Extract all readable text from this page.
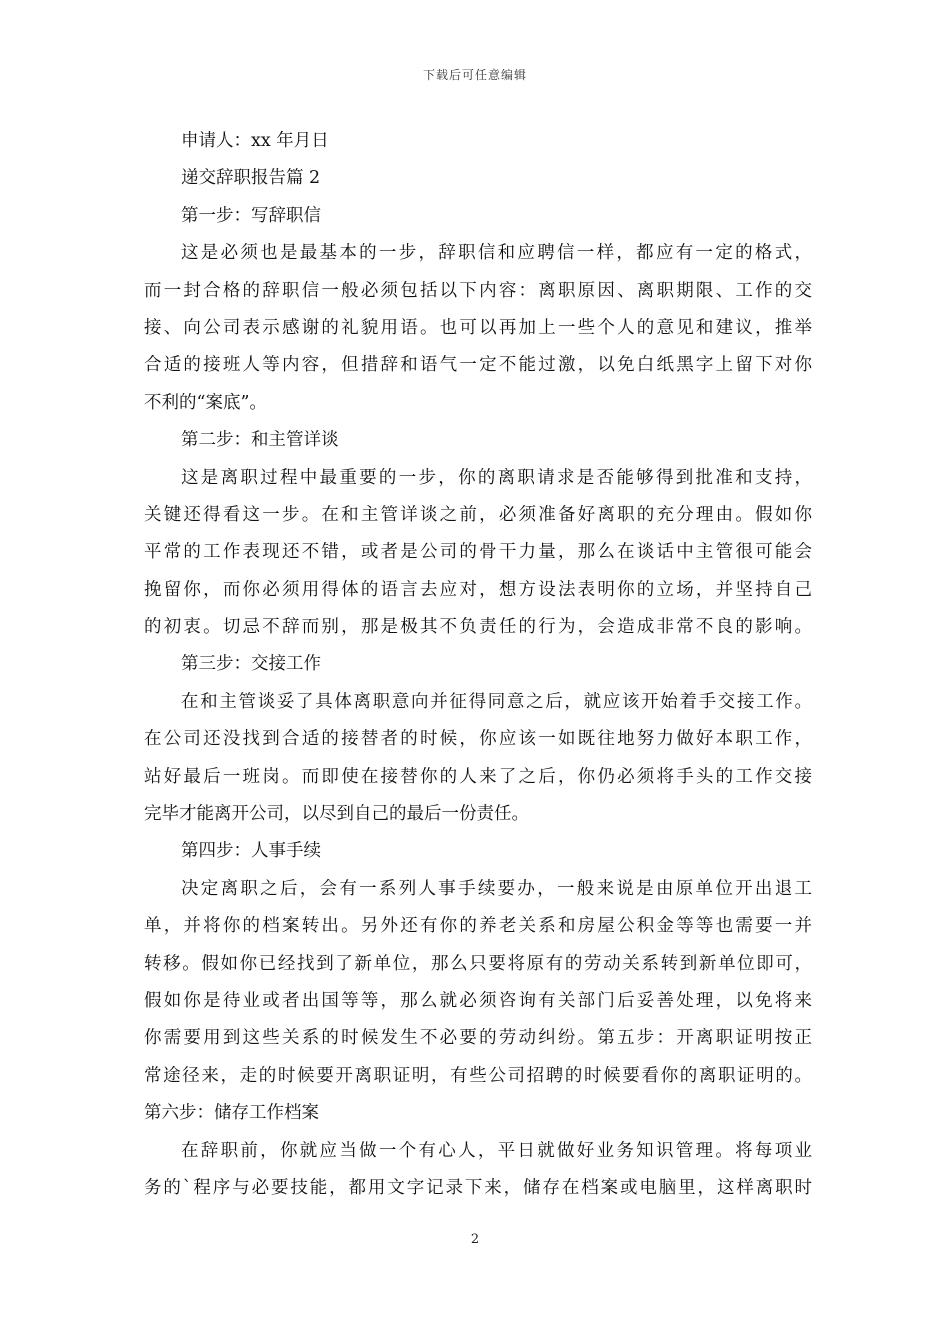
下载后可任意编辑
申请人：xx 年月日
递交辞职报告篇 2
第一步：写辞职信
这是必须也是最基本的一步，辞职信和应聘信一样，都应有一定的格式，
而一封合格的辞职信一般必须包括以下内容：离职原因、离职期限、工作的交
接、向公司表示感谢的礼貌用语。也可以再加上一些个人的意见和建议，推举
合适的接班人等内容，但措辞和语气一定不能过激，以免白纸黑字上留下对你
不利的“案底”。
第二步：和主管详谈
这是离职过程中最重要的一步，你的离职请求是否能够得到批准和支持，
关键还得看这一步。在和主管详谈之前，必须准备好离职的充分理由。假如你
平常的工作表现还不错，或者是公司的骨干力量，那么在谈话中主管很可能会
挽留你，而你必须用得体的语言去应对，想方设法表明你的立场，并坚持自己
的初衷。切忌不辞而别，那是极其不负责任的行为，会造成非常不良的影响。
第三步：交接工作
在和主管谈妥了具体离职意向并征得同意之后，就应该开始着手交接工作。
在公司还没找到合适的接替者的时候，你应该一如既往地努力做好本职工作，
站好最后一班岗。而即使在接替你的人来了之后，你仍必须将手头的工作交接
完毕才能离开公司，以尽到自己的最后一份责任。
第四步：人事手续
决定离职之后，会有一系列人事手续要办，一般来说是由原单位开出退工
单，并将你的档案转出。另外还有你的养老关系和房屋公积金等等也需要一并
转移。假如你已经找到了新单位，那么只要将原有的劳动关系转到新单位即可，
假如你是待业或者出国等等，那么就必须咨询有关部门后妥善处理，以免将来
你需要用到这些关系的时候发生不必要的劳动纠纷。第五步：开离职证明按正
常途径来，走的时候要开离职证明，有些公司招聘的时候要看你的离职证明的。
第六步：储存工作档案
在辞职前，你就应当做一个有心人，平日就做好业务知识管理。将每项业
务的`程序与必要技能，都用文字记录下来，储存在档案或电脑里，这样离职时
2
